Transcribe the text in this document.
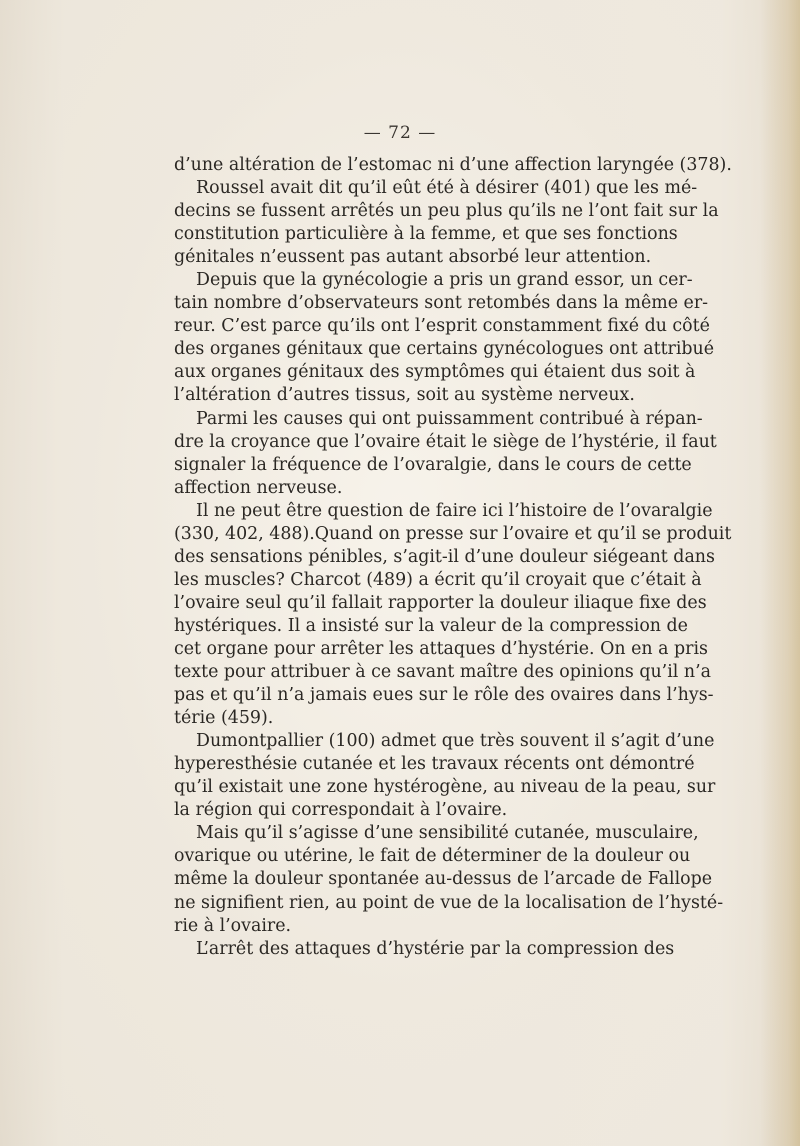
— 72 —
d’une altération de l’estomac ni d’une affection laryngée (378).
Roussel avait dit qu’il eût été à désirer (401) que les mé-
decins se fussent arrêtés un peu plus qu’ils ne l’ont fait sur la
constitution particulière à la femme, et que ses fonctions
génitales n’eussent pas autant absorbé leur attention.
Depuis que la gynécologie a pris un grand essor, un cer-
tain nombre d’observateurs sont retombés dans la même er-
reur. C’est parce qu’ils ont l’esprit constamment fixé du côté
des organes génitaux que certains gynécologues ont attribué
aux organes génitaux des symptômes qui étaient dus soit à
l’altération d’autres tissus, soit au système nerveux.
Parmi les causes qui ont puissamment contribué à répan-
dre la croyance que l’ovaire était le siège de l’hystérie, il faut
signaler la fréquence de l’ovaralgie, dans le cours de cette
affection nerveuse.
Il ne peut être question de faire ici l’histoire de l’ovaralgie
(330, 402, 488).Quand on presse sur l’ovaire et qu’il se produit
des sensations pénibles, s’agit-il d’une douleur siégeant dans
les muscles? Charcot (489) a écrit qu’il croyait que c’était à
l’ovaire seul qu’il fallait rapporter la douleur iliaque fixe des
hystériques. Il a insisté sur la valeur de la compression de
cet organe pour arrêter les attaques d’hystérie. On en a pris
texte pour attribuer à ce savant maître des opinions qu’il n’a
pas et qu’il n’a jamais eues sur le rôle des ovaires dans l’hys-
térie (459).
Dumontpallier (100) admet que très souvent il s’agit d’une
hyperesthésie cutanée et les travaux récents ont démontré
qu’il existait une zone hystérogène, au niveau de la peau, sur
la région qui correspondait à l’ovaire.
Mais qu’il s’agisse d’une sensibilité cutanée, musculaire,
ovarique ou utérine, le fait de déterminer de la douleur ou
même la douleur spontanée au-dessus de l’arcade de Fallope
ne signifient rien, au point de vue de la localisation de l’hysté-
rie à l’ovaire.
L’arrêt des attaques d’hystérie par la compression des
